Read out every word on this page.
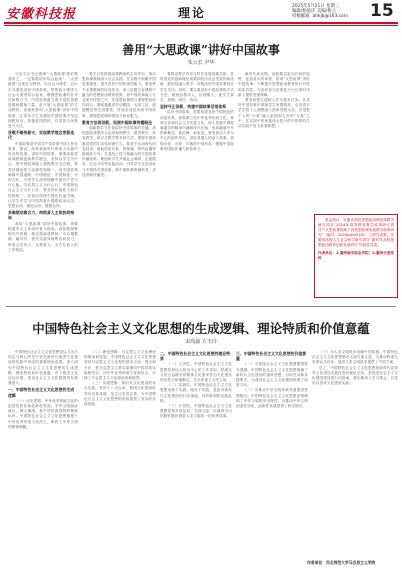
安徽科技报	理论	2025年5月21日 星期三
编辑/杨旅洋 美编/鲁云
投稿邮箱: ahkjb@163.com 15
善用“大思政课”讲好中国故事
朱云长 尹华

习近平总书记强调“‘大思政课’我们要善用之，一定要跟现实结合起来”。“大思政课”以现实为教材，以社会为课堂，以行走为课堂讲好中国故事，把思政小课堂与社会大课堂结合起来，增强思政课的针对性和吸引力。中国故事蕴含着丰富的思想资源和精神力量，是开展“大思政课”的生动教材。高校要善用“大思政课”讲好中国故事，让青年学生在感悟中国故事中坚定理想信念，厚植爱国情怀，自觉担当民族复兴大任。

弦歌不辍传薪火，实现教学理念更新迭代

中国故事是中国共产党带领中国人民在革命、建设、改革和新时代的伟大实践中形成的故事。讲好中国故事，需要高校思政课教师更新教学理念，坚持以学生为中心，把中国故事融入课程教学全过程。要坚持理论性与实践性相统一，用中国故事阐释中国道路、中国理论、中国制度、中国文化，引导学生深刻理解中国共产党为什么能、马克思主义为什么行、中国特色社会主义为什么好。要坚持价值性与知识性相统一，在知识传授中强化价值引领，让学生在学习中国故事中增强政治认同、思想认同、理论认同、情感认同。

多维联动聚合力，构筑育人主体协同格局

善用“大思政课”讲好中国故事，需要构建多元主体协同育人格局。高校要统筹校内外资源，推动思政课教师、专业课教师、辅导员、校外实践导师等协同发力，形成全员育人、全程育人、全方位育人的工作格局。

要充分发挥思政课教师的主导作用，推动思政课教师深入社会实践，在实践中积累中国故事素材，提升讲好中国故事的能力。要发挥专业课教师的协同作用，深入挖掘专业课程中蕴含的思想政治教育资源，将中国故事融入专业知识传授之中，实现思政课程与课程思政同向同行。要积极邀请劳动模范、大国工匠、道德模范等走进课堂，讲述亲身经历的中国故事，增强思政课的感染力和说服力。

教育方法再创新，拓展中国故事传播路径

创新教学方法是讲好中国故事的关键。高校思政课要综合运用案例教学、情景教学、体验教学、研讨式教学等多种方法，增强中国故事讲述的生动性和吸引力。要善于运用现代信息技术，借助虚拟仿真、短视频、网络直播等新媒体平台，打造线上线下相融合的中国故事传播矩阵。要组织学生开展社会调研、志愿服务、红色寻访等实践活动，引导学生在亲身参与中感悟中国故事，做中国故事的倾听者、讲述者和传播者。

要推动教学内容与时代发展同频共振，及时将党的创新理论成果和经济社会发展的新成就、新经验融入教学，用鲜活的中国故事回应学生关切。同时，要注重讲好中国故事的方式方法，做到以情动人、以理服人，使学生真学、真懂、真信、真用。

坚持守正创新，构建中国故事话语体系

讲好中国故事，需要构建具有中国特色的话语体系。高校要立足中华优秀传统文化、革命文化和社会主义先进文化，深入挖掘中国故事蕴含的精神内涵和时代价值，形成融通中外的新概念、新范畴、新表述。要坚持以人民为中心的创作导向，讲好普通人的奋斗故事，展现可信、可爱、可敬的中国形象，增强中国故事的国际传播力和影响力。

新时代新征程，高校要以更加开放的视野、更加务实的举措，善用“大思政课”讲好中国故事，不断提升思想政治教育的针对性和实效性，为培养担当民族复兴大任的时代新人提供坚强保障。

要坚持把立德树人作为根本任务，在讲好中国故事中厚植学生家国情怀，引导青年学生将个人理想融入国家发展大局，自觉把个人的“小我”融入祖国和人民的“大我”之中，在实现中华民族伟大复兴的中国梦的生动实践中放飞青春梦想。

基金项目：安徽省高校思想政治理论课教学研究项目“2024年高等教育教学改革研究项目”“大思政课视域下高校思政课实践教学改革研究”（编号：2024jyxm2181）之研究成果；安徽省高校人文社会科学研究项目“新时代高校思想政治教育创新发展研究”阶段性成果。

作者单位：1.滁州城市职业学院；2.滁州市委党校

中国特色社会主义文化思想的生成逻辑、理论特质和价值意蕴
宋尚渝 方玉玲

中国特色社会主义文化思想是以习近平同志为核心的党中央在新时代推进文化建设的实践中形成的重要理论成果。深入研究中国特色社会主义文化思想的生成逻辑、理论特质和价值意蕴，对于推进文化自信自强、建设社会主义文化强国具有重要意义。

一、中国特色社会主义文化思想的生成逻辑

（一）历史逻辑：中华优秀传统文化的创造性转化和创新性发展。中华文明源远流长，博大精深，是中华民族独特的精神标识。中国特色社会主义文化思想植根于中华优秀传统文化沃土，吸收了中华文明的精神精髓。

（二）理论逻辑：马克思主义文化理论的继承和发展。中国特色社会主义文化思想坚持马克思主义文化观的基本立场、观点和方法，把马克思主义基本原理同中国具体实际相结合、同中华优秀传统文化相结合，开辟了马克思主义文化理论的新境界。

（三）实践逻辑：新时代文化建设的伟大实践。党的十八大以来，我国文化建设取得历史性成就、发生历史性变革，为中国特色社会主义文化思想的形成提供了坚实的实践基础。

二、中国特色社会主义文化思想的理论特质

（一）人民性。中国特色社会主义文化思想坚持以人民为中心的工作导向，把满足人民日益增长的精神文化需求作为文化建设的出发点和落脚点，充分体现了人民立场。

（二）实践性。中国特色社会主义文化思想来源于实践、服务于实践，是指导新时代文化建设的行动指南，具有鲜明的实践品格。

（三）开放性。中国特色社会主义文化思想坚持开放包容、交流互鉴，以海纳百川的胸怀吸收借鉴人类文明的一切优秀成果。

三、中国特色社会主义文化思想的价值意蕴

（一）为建设社会主义文化强国提供根本遵循。中国特色社会主义文化思想明确了新时代文化建设的指导思想、目标任务和实践要求，为建设社会主义文化强国指明了前进方向。

（二）为推动中华文明传承发展提供思想指引。中国特色社会主义文化思想深刻阐明了中华文明的突出特性，为推动中华文明创造性转化、创新性发展提供了科学指引。

（三）为人类文明进步贡献中国智慧。中国特色社会主义文化思想倡导文明交流互鉴，为推动构建人类命运共同体、促进人类文明进步提供了中国方案。

总之，中国特色社会主义文化思想是新时代党领导文化建设实践经验的理论总结，是推进社会主义文化强国建设的行动指南，我们要深入学习领会，自觉用以指导文化建设实践。

作者单位：河北师范大学马克思主义学院
